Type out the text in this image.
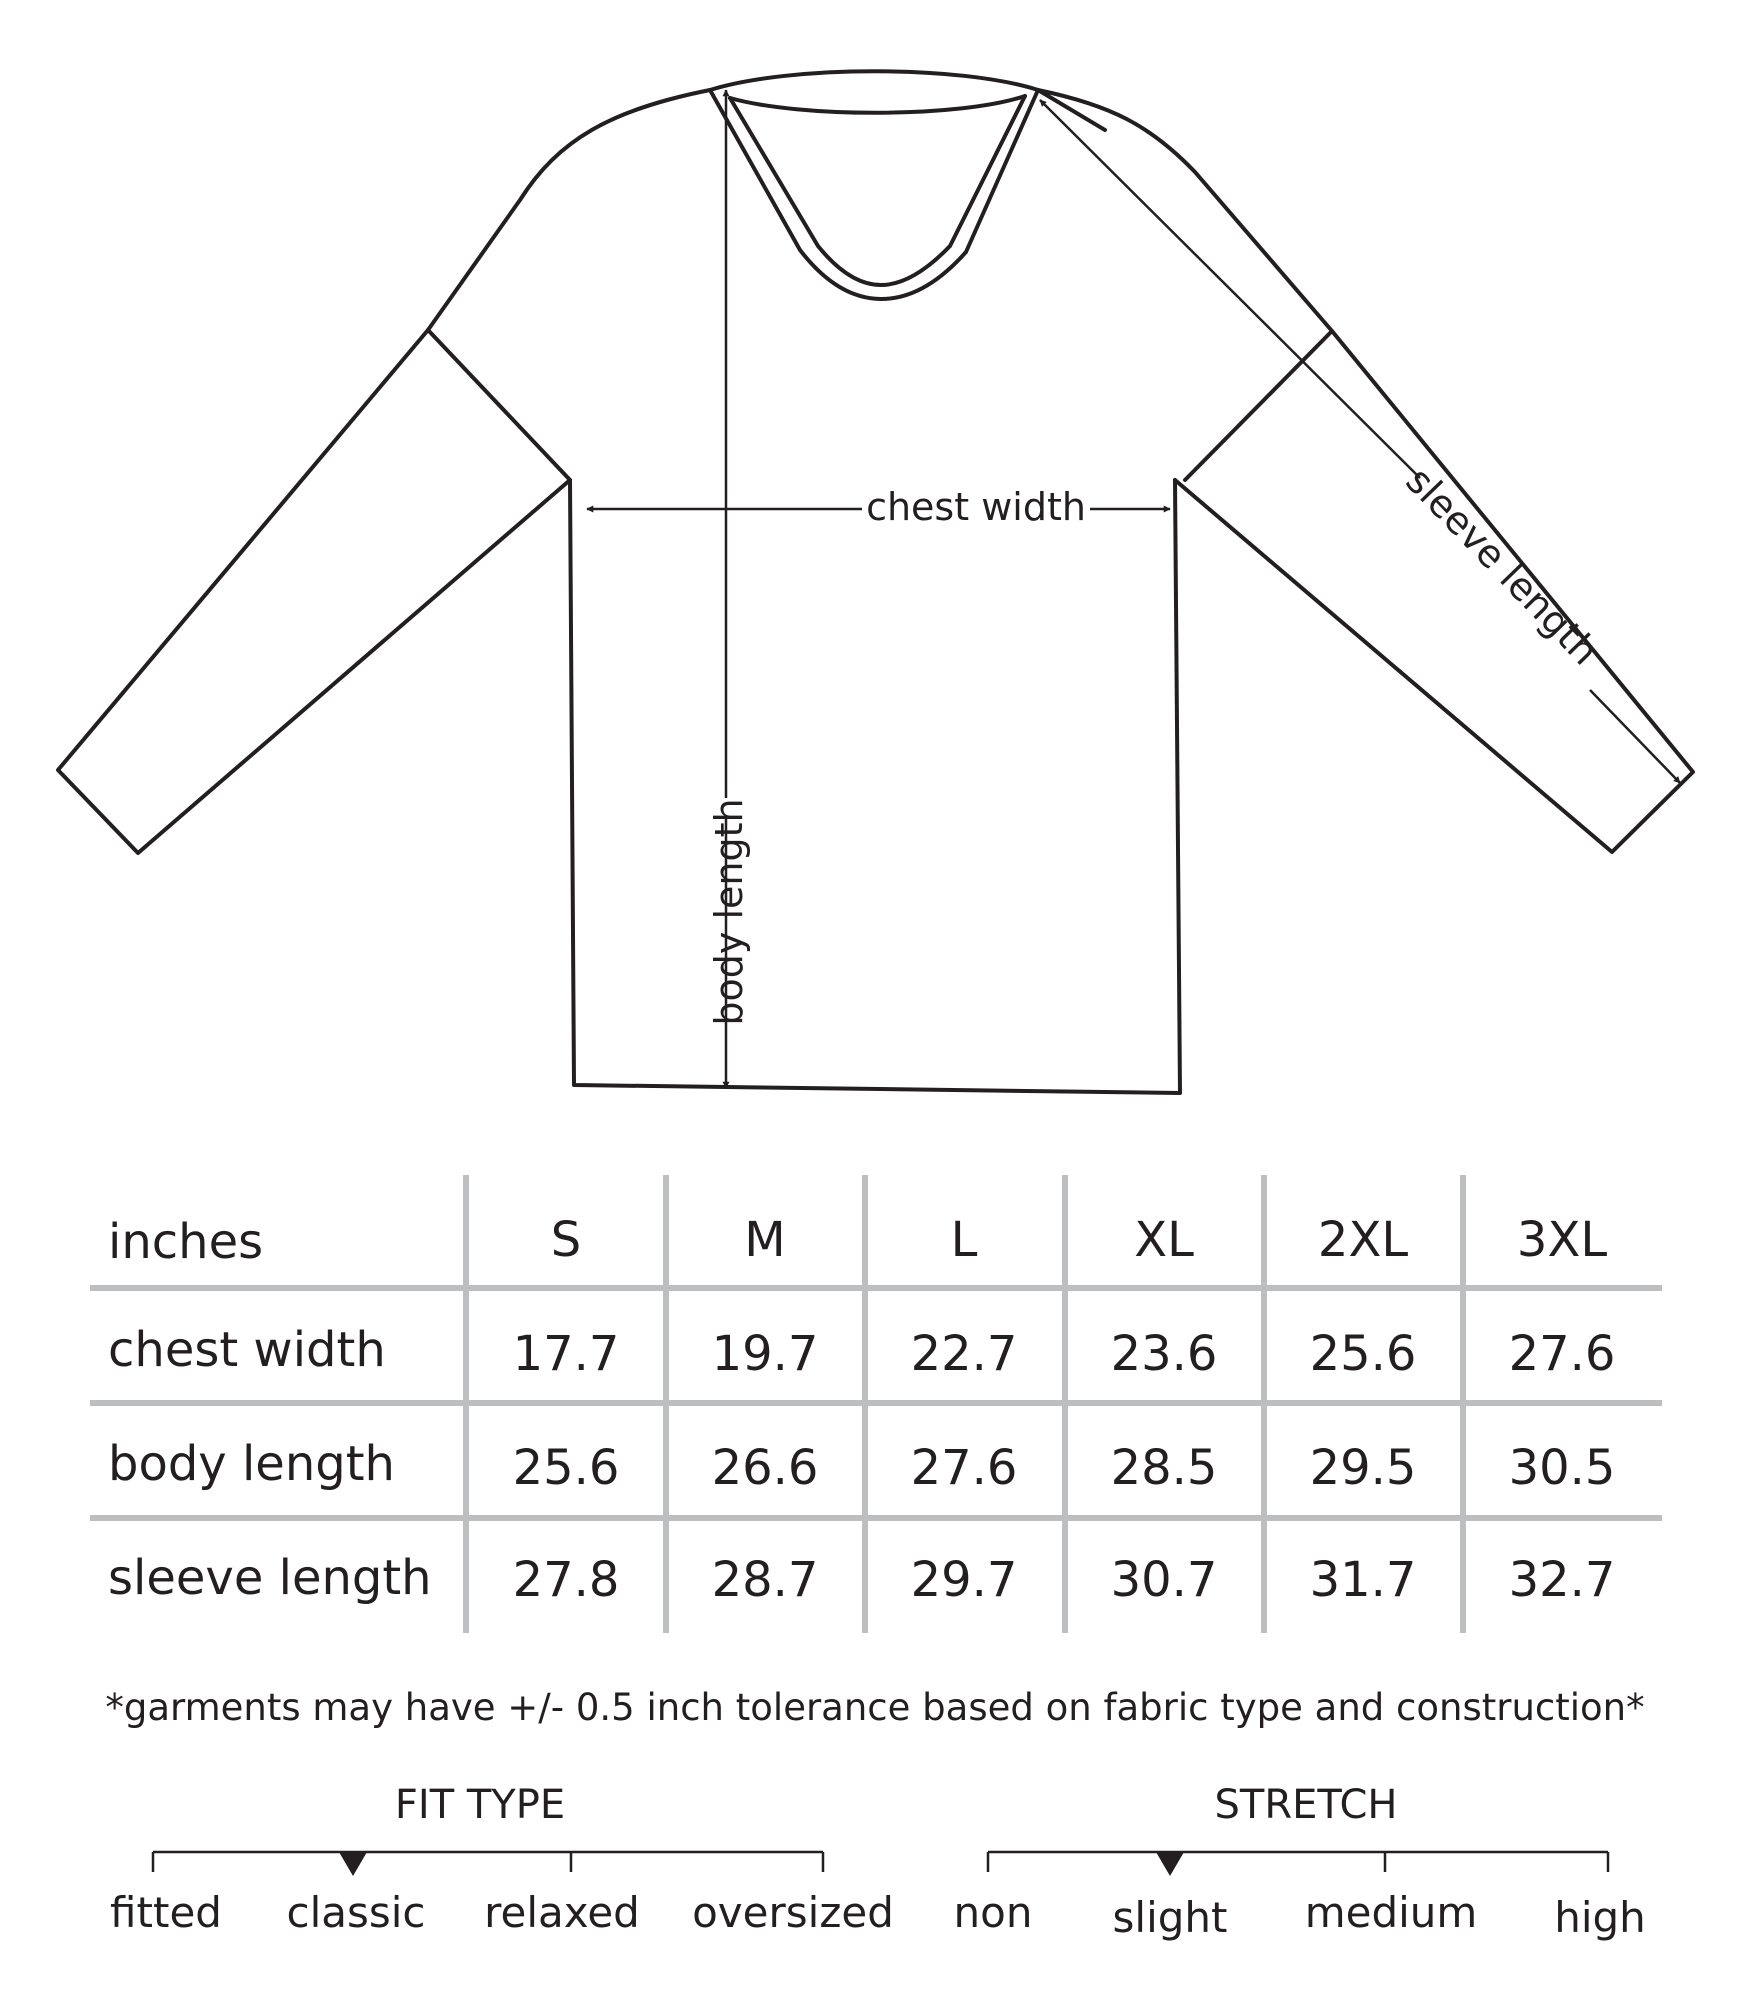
chest width
body length
sleeve length
inches	S	M	L	XL	2XL 3XL
chest width	17.7 19.7 22.7 23.6 25.6 27.6
body length 25.6 26.6 27.6 28.5 29.5 30.5
sleeve length 27.8 28.7 29.7 30.7 31.7 32.7
*garments may have +/- 0.5 inch tolerance based on fabric type and construction*
FIT TYPE
fitted classic relaxed oversized
STRETCH
non slight medium high
